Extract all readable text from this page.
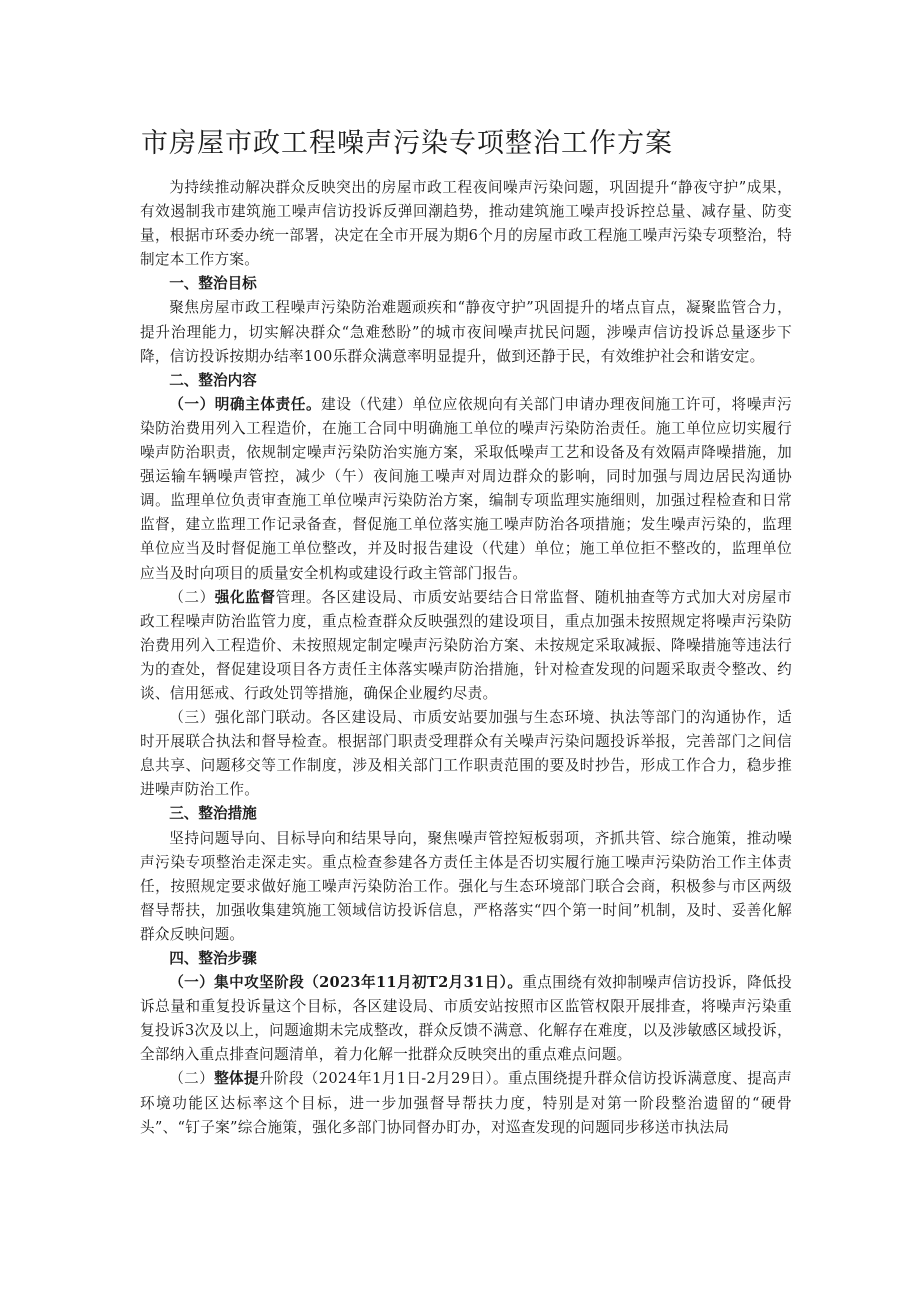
市房屋市政工程噪声污染专项整治工作方案

为持续推动解决群众反映突出的房屋市政工程夜间噪声污染问题，巩固提升“静夜守护”成果，有效遏制我市建筑施工噪声信访投诉反弹回潮趋势，推动建筑施工噪声投诉控总量、减存量、防变量，根据市环委办统一部署，决定在全市开展为期6个月的房屋市政工程施工噪声污染专项整治，特制定本工作方案。

一、整治目标

聚焦房屋市政工程噪声污染防治难题顽疾和“静夜守护”巩固提升的堵点盲点，凝聚监管合力，提升治理能力，切实解决群众“急难愁盼”的城市夜间噪声扰民问题，涉噪声信访投诉总量逐步下降，信访投诉按期办结率100乐群众满意率明显提升，做到还静于民，有效维护社会和谐安定。

二、整治内容

（一）明确主体责任。建设（代建）单位应依规向有关部门申请办理夜间施工许可，将噪声污染防治费用列入工程造价，在施工合同中明确施工单位的噪声污染防治责任。施工单位应切实履行噪声防治职责，依规制定噪声污染防治实施方案，采取低噪声工艺和设备及有效隔声降噪措施，加强运输车辆噪声管控，减少（午）夜间施工噪声对周边群众的影响，同时加强与周边居民沟通协调。监理单位负责审查施工单位噪声污染防治方案，编制专项监理实施细则，加强过程检查和日常监督，建立监理工作记录备查，督促施工单位落实施工噪声防治各项措施；发生噪声污染的，监理单位应当及时督促施工单位整改，并及时报告建设（代建）单位；施工单位拒不整改的，监理单位应当及时向项目的质量安全机构或建设行政主管部门报告。

（二）强化监督管理。各区建设局、市质安站要结合日常监督、随机抽查等方式加大对房屋市政工程噪声防治监管力度，重点检查群众反映强烈的建设项目，重点加强未按照规定将噪声污染防治费用列入工程造价、未按照规定制定噪声污染防治方案、未按规定采取减振、降噪措施等违法行为的查处，督促建设项目各方责任主体落实噪声防治措施，针对检查发现的问题采取责令整改、约谈、信用惩戒、行政处罚等措施，确保企业履约尽责。

（三）强化部门联动。各区建设局、市质安站要加强与生态环境、执法等部门的沟通协作，适时开展联合执法和督导检查。根据部门职责受理群众有关噪声污染问题投诉举报，完善部门之间信息共享、问题移交等工作制度，涉及相关部门工作职责范围的要及时抄告，形成工作合力，稳步推进噪声防治工作。

三、整治措施

坚持问题导向、目标导向和结果导向，聚焦噪声管控短板弱项，齐抓共管、综合施策，推动噪声污染专项整治走深走实。重点检查参建各方责任主体是否切实履行施工噪声污染防治工作主体责任，按照规定要求做好施工噪声污染防治工作。强化与生态环境部门联合会商，积极参与市区两级督导帮扶，加强收集建筑施工领域信访投诉信息，严格落实“四个第一时间”机制，及时、妥善化解群众反映问题。

四、整治步骤

（一）集中攻坚阶段（2023年11月初T2月31日）。重点围绕有效抑制噪声信访投诉，降低投诉总量和重复投诉量这个目标，各区建设局、市质安站按照市区监管权限开展排查，将噪声污染重复投诉3次及以上，问题逾期未完成整改，群众反馈不满意、化解存在难度，以及涉敏感区域投诉，全部纳入重点排查问题清单，着力化解一批群众反映突出的重点难点问题。

（二）整体提升阶段（2024年1月1日-2月29日）。重点围绕提升群众信访投诉满意度、提高声环境功能区达标率这个目标，进一步加强督导帮扶力度，特别是对第一阶段整治遗留的“硬骨头”、“钉子案”综合施策，强化多部门协同督办盯办，对巡查发现的问题同步移送市执法局
